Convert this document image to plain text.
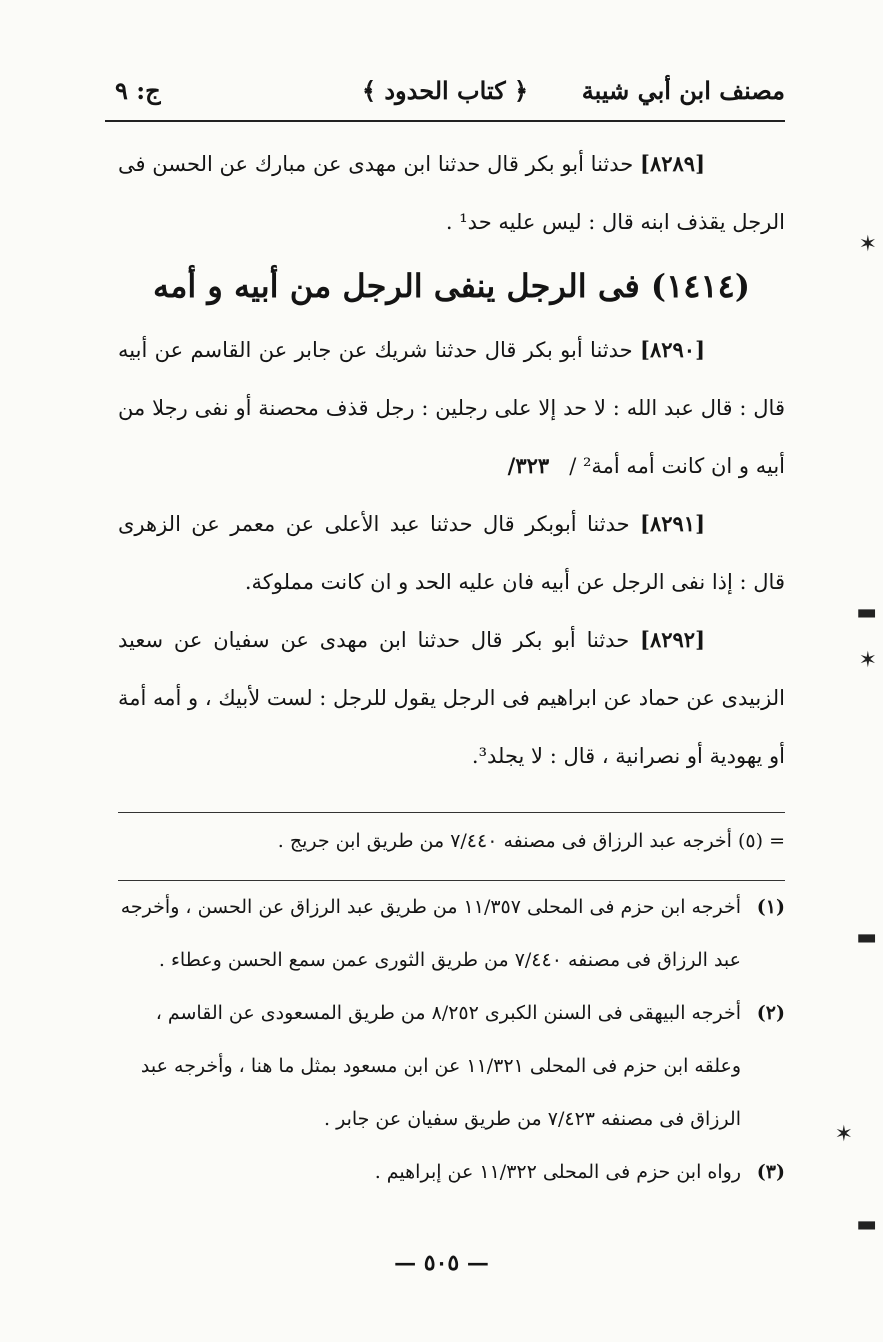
مصنف ابن أبي شيبة
﴿ كتاب الحدود ﴾
ج: ٩

[٨٢٨٩] حدثنا أبو بكر قال حدثنا ابن مهدى عن مبارك عن الحسن فى الرجل يقذف ابنه قال : ليس عليه حد¹ .

(١٤١٤) فى الرجل ينفى الرجل من أبيه و أمه

[٨٢٩٠] حدثنا أبو بكر قال حدثنا شريك عن جابر عن القاسم عن أبيه قال : قال عبد الله : لا حد إلا على رجلين : رجل قذف محصنة أو نفى رجلا من أبيه و ان كانت أمه أمة² /   ٣٢٣/

[٨٢٩١] حدثنا أبوبكر قال حدثنا عبد الأعلى عن معمر عن الزهرى قال : إذا نفى الرجل عن أبيه فان عليه الحد و ان كانت مملوكة.

[٨٢٩٢] حدثنا أبو بكر قال حدثنا ابن مهدى عن سفيان عن سعيد الزبيدى عن حماد عن ابراهيم فى الرجل يقول للرجل : لست لأبيك ، و أمه أمة أو يهودية أو نصرانية ، قال : لا يجلد³.

= (٥) أخرجه عبد الرزاق فى مصنفه ٧/٤٤٠ من طريق ابن جريج .

(١)
أخرجه ابن حزم فى المحلى ١١/٣٥٧ من طريق عبد الرزاق عن الحسن ، وأخرجه عبد الرزاق فى مصنفه ٧/٤٤٠ من طريق الثورى عمن سمع الحسن وعطاء .

(٢)
أخرجه البيهقى فى السنن الكبرى ٨/٢٥٢ من طريق المسعودى عن القاسم ، وعلقه ابن حزم فى المحلى ١١/٣٢١ عن ابن مسعود بمثل ما هنا ، وأخرجه عبد الرزاق فى مصنفه ٧/٤٢٣ من طريق سفيان عن جابر .

(٣)
رواه ابن حزم فى المحلى ١١/٣٢٢ عن إبراهيم .

— ٥٠٥ —
✶
▬
✶
▬
✶
▬
